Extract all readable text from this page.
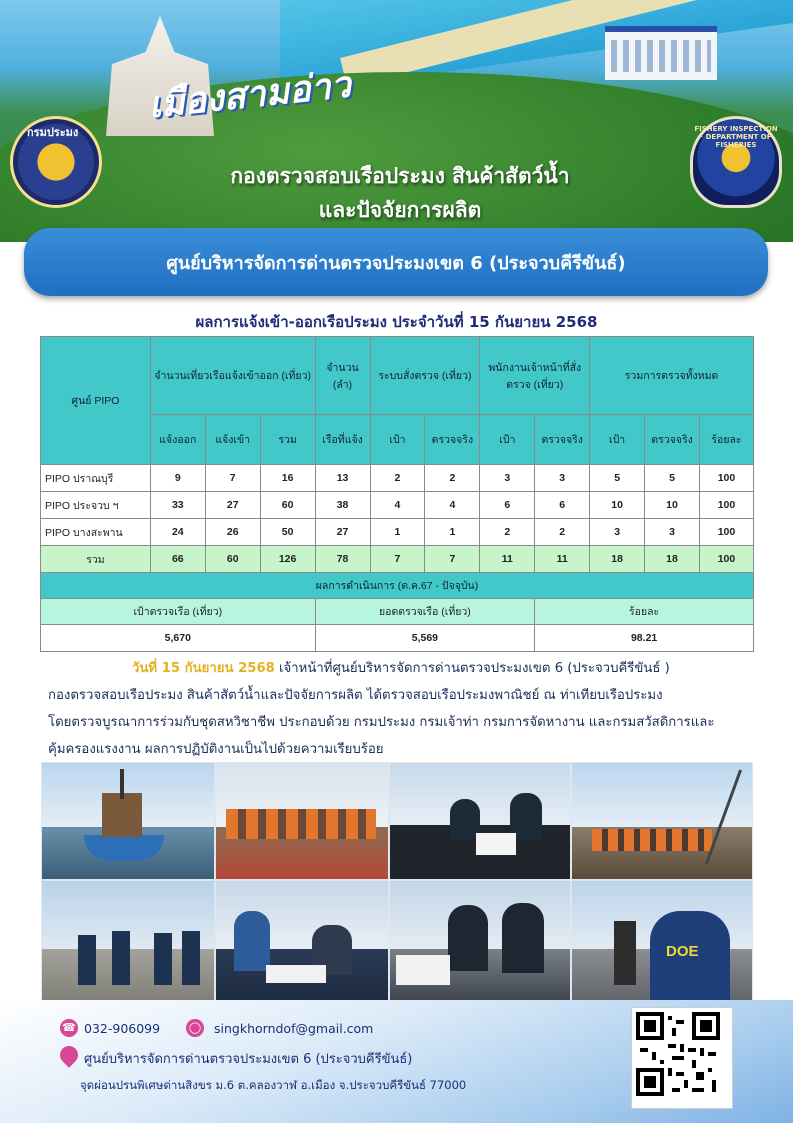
เมืองสามอ่าว
กรมประมง	FISHERY INSPECTION · DEPARTMENT OF FISHERIES
กองตรวจสอบเรือประมง สินค้าสัตว์น้ำ
และปัจจัยการผลิต
ศูนย์บริหารจัดการด่านตรวจประมงเขต 6 (ประจวบคีรีขันธ์)
ผลการแจ้งเข้า-ออกเรือประมง ประจำวันที่ 15 กันยายน 2568
ศูนย์ PIPO	จำนวนเที่ยวเรือแจ้งเข้าออก (เที่ยว)			จำนวน (ลำ)	ระบบสั่งตรวจ (เที่ยว)		พนักงานเจ้าหน้าที่สั่งตรวจ (เที่ยว)		รวมการตรวจทั้งหมด		
	แจ้งออก	แจ้งเข้า	รวม	เรือที่แจ้ง	เป้า	ตรวจจริง	เป้า	ตรวจจริง	เป้า	ตรวจจริง	ร้อยละ
PIPO ปราณบุรี	9	7	16	13	2	2	3	3	5	5	100
PIPO ประจวบ ฯ	33	27	60	38	4	4	6	6	10	10	100
PIPO บางสะพาน	24	26	50	27	1	1	2	2	3	3	100
รวม	66	60	126	78	7	7	11	11	18	18	100
ผลการดำเนินการ (ต.ค.67 - ปัจจุบัน)											
เป้าตรวจเรือ (เที่ยว)				ยอดตรวจเรือ (เที่ยว)				ร้อยละ			
5,670				5,569				98.21			
วันที่ 15 กันยายน 2568 เจ้าหน้าที่ศูนย์บริหารจัดการด่านตรวจประมงเขต 6 (ประจวบคีรีขันธ์ )
กองตรวจสอบเรือประมง สินค้าสัตว์น้ำและปัจจัยการผลิต ได้ตรวจสอบเรือประมงพาณิชย์ ณ ท่าเทียบเรือประมง
โดยตรวจบูรณาการร่วมกับชุดสหวิชาชีพ ประกอบด้วย กรมประมง กรมเจ้าท่า กรมการจัดหางาน และกรมสวัสดิการและ
คุ้มครองแรงงาน ผลการปฏิบัติงานเป็นไปด้วยความเรียบร้อย
DOE
☎ 032-906099	◯ singkhorndof@gmail.com
ศูนย์บริหารจัดการด่านตรวจประมงเขต 6 (ประจวบคีรีขันธ์)
จุดผ่อนปรนพิเศษด่านสิงขร ม.6 ต.คลองวาฬ อ.เมือง จ.ประจวบคีรีขันธ์ 77000
